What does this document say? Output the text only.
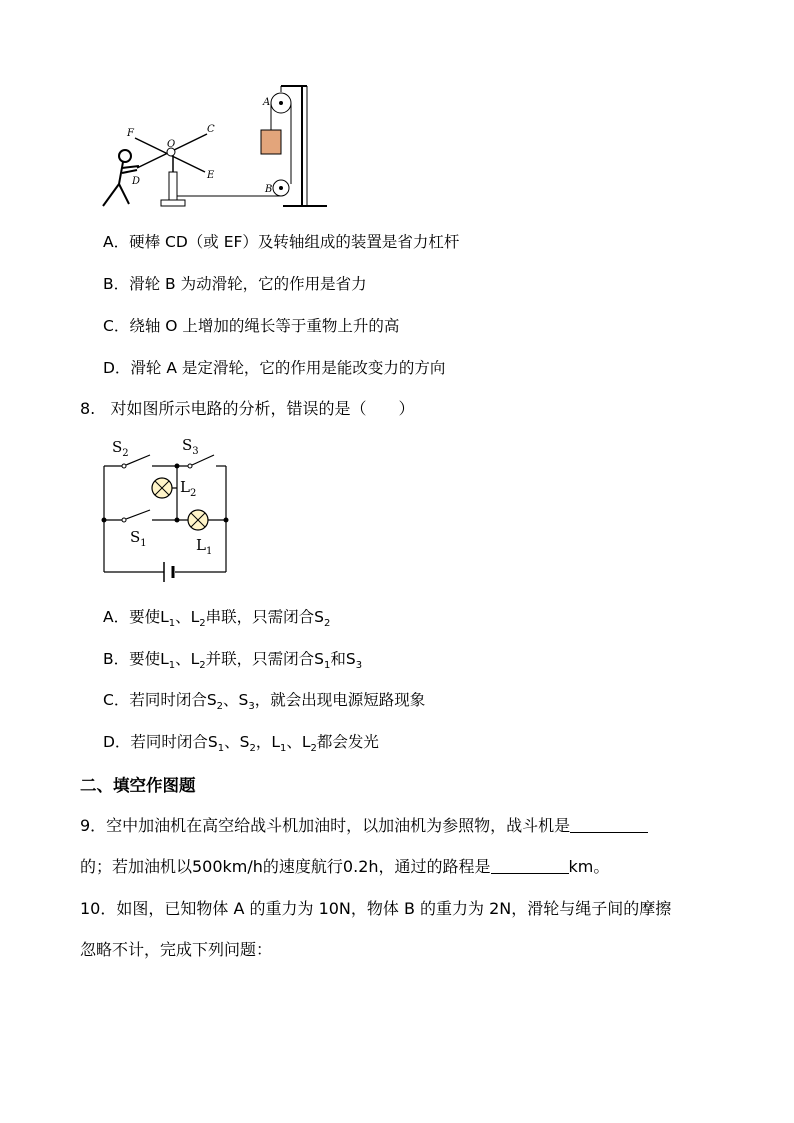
F
O
C
D
E
A
B
A．硬棒 CD（或 EF）及转轴组成的装置是省力杠杆
B．滑轮 B 为动滑轮，它的作用是省力
C．绕轴 O 上增加的绳长等于重物上升的高
D．滑轮 A 是定滑轮，它的作用是能改变力的方向
8. 对如图所示电路的分析，错误的是（　　）
$S_2$	$S_3$
$L_2$
$S_1$	$L_1$
A．要使$L_1$、$L_2$串联，只需闭合$S_2$
B．要使$L_1$、$L_2$并联，只需闭合$S_1$和$S_3$
C．若同时闭合$S_2$、$S_3$，就会出现电源短路现象
D．若同时闭合$S_1$、$S_2$，$L_1$、$L_2$都会发光
二、填空作图题
9．空中加油机在高空给战斗机加油时，以加油机为参照物，战斗机是
的；若加油机以500km/h的速度航行0.2h，通过的路程是	km。
10．如图，已知物体 A 的重力为 10N，物体 B 的重力为 2N，滑轮与绳子间的摩擦
忽略不计，完成下列问题：
